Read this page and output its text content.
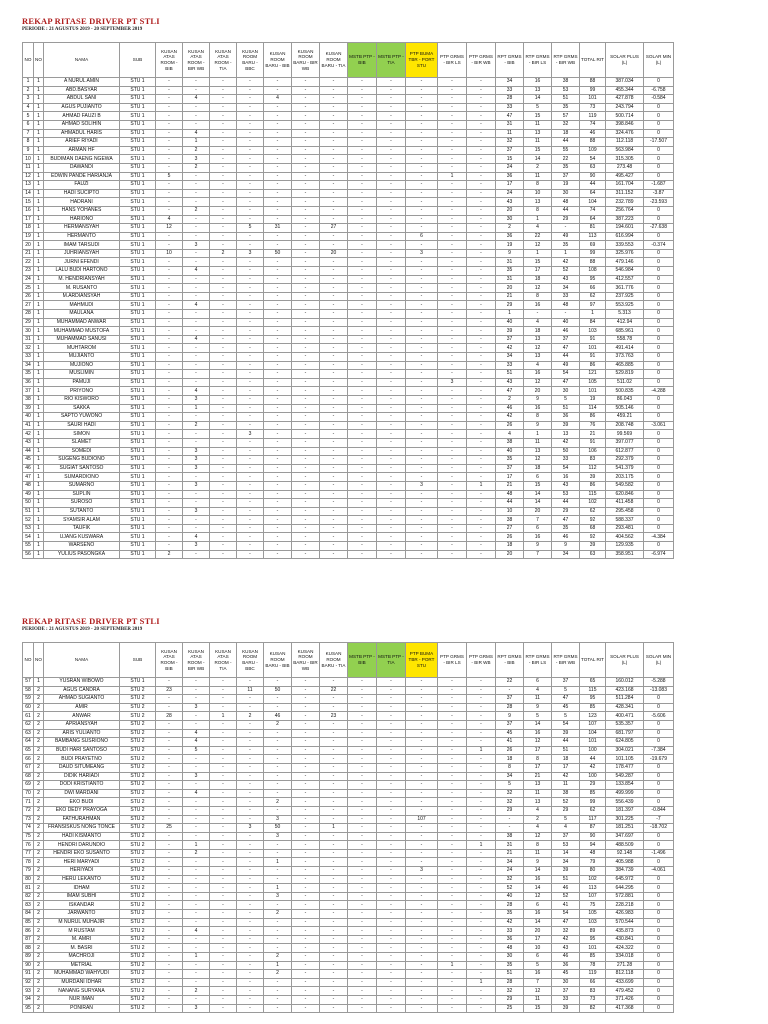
REKAP RITASE DRIVER PT STLI
PERIODE : 21 AGUSTUS 2019 - 20 SEPTEMBER 2019
NO	NO	NAMA	SUB	KUSAN ATAS ROOM - BIB	KUSAN ATAS ROOM - BIR WB	KUSAN ATAS ROOM - TIA	KUSAN ROOM BARU - BBC	KUSAN ROOM BARU - BIB	KUSAN ROOM BARU - BIR WB	KUSAN ROOM BARU - TIA	MSTB PTP - BIB	MSTB PTP - TIA	PTP BUMA TBR - PORT STU	PTP GRMS - BIR LS	PTP GRMS - BIR WB	RPT GRMS - BIB	RTP GRMS - BIR LS	RTP GRMS - BIR WB	TOTAL RIT	SOLAR PLUS (L)	SOLAR MIN (L)
1	1	A NURUL AMIN	STU 1	-	-	-	-	-	-	-	-	-	-	-	-	34	16	38	88	387.034	0
2	1	ABD.BASYAR	STU 1	-	-	-	-	-	-	-	-	-	-	-	-	33	13	53	99	455.344	-6.758
3	1	ABDUL SANI	STU 1	-	4	-	-	4	-	-	-	-	-	-	-	28	14	51	101	427.878	-0.584
4	1	AGUS PUJIANTO	STU 1	-	-	-	-	-	-	-	-	-	-	-	-	33	5	35	73	243.794	0
5	1	AHMAD FAUZI B	STU 1	-	-	-	-	-	-	-	-	-	-	-	-	47	15	57	119	500.714	0
6	1	AHMAD SOLIHIN	STU 1	-	-	-	-	-	-	-	-	-	-	-	-	31	11	32	74	398.846	0
7	1	AHMADUL HARIS	STU 1	-	4	-	-	-	-	-	-	-	-	-	-	11	13	18	46	324.476	0
8	1	ARIEF RIYADI	STU 1	-	1	-	-	-	-	-	-	-	-	-	-	32	11	44	88	112.118	-17.507
9	1	ARMAN HF	STU 1	-	2	-	-	-	-	-	-	-	-	-	-	37	15	55	109	563.984	0
10	1	BUDIMAN DAENG NGEWA	STU 1	-	3	-	-	-	-	-	-	-	-	-	-	15	14	22	54	315.305	0
11	1	DAWANDI	STU 1	-	2	-	-	-	-	-	-	-	-	-	-	24	2	35	63	273.48	0
12	1	EDWIN PANDE HARIANJA	STU 1	5	-	-	-	-	-	-	-	-	-	1	-	36	11	37	90	495.427	0
13	1	FAUZI	STU 1	-	-	-	-	-	-	-	-	-	-	-	-	17	8	19	44	161.704	-1.687
14	1	HADI SUCIPTO	STU 1	-	-	-	-	-	-	-	-	-	-	-	-	24	10	30	64	311.152	-3.87
15	1	HADRANI	STU 1	-	-	-	-	-	-	-	-	-	-	-	-	43	13	48	104	232.789	-23.593
16	1	HANS YOHANES	STU 1	-	2	-	-	-	-	-	-	-	-	-	-	20	8	44	74	256.764	0
17	1	HARIONO	STU 1	4	-	-	-	-	-	-	-	-	-	-	-	30	1	29	64	387.223	0
18	1	HERMANSYAH	STU 1	12	-	-	5	31	-	27	-	-	-	-	-	2	4	-	81	194.601	-27.638
19	1	HERMANTO	STU 1	-	-	-	-	-	-	-	-	-	6	-	-	36	22	49	113	616.994	0
20	1	IMAM TARSUDI	STU 1	-	3	-	-	-	-	-	-	-	-	-	-	19	12	35	69	339.553	-0.374
21	1	JUHRIANSYAH	STU 1	10	-	2	3	50	-	20	-	-	3	-	-	9	1	1	99	325.976	0
22	1	JURNI EFENDI	STU 1	-	-	-	-	-	-	-	-	-	-	-	-	31	15	42	88	479.146	0
23	1	LALU BUDI HARTONO	STU 1	-	4	-	-	-	-	-	-	-	-	-	-	35	17	52	108	546.984	0
24	1	M. HENDRIANSYAH	STU 1	-	-	-	-	-	-	-	-	-	-	-	-	31	18	43	95	412.557	0
25	1	M. RUSANTO	STU 1	-	-	-	-	-	-	-	-	-	-	-	-	20	12	34	66	361.776	0
26	1	M.ARDIANSYAH	STU 1	-	-	-	-	-	-	-	-	-	-	-	-	21	8	33	62	237.925	0
27	1	MAHMUDI	STU 1	-	4	-	-	-	-	-	-	-	-	-	-	29	16	48	97	553.925	0
28	1	MAULANA	STU 1	-	-	-	-	-	-	-	-	-	-	-	-	1	-	-	1	5.313	0
29	1	MUHAMMAD ANWAR	STU 1	-	-	-	-	-	-	-	-	-	-	-	-	40	4	40	84	412.94	0
30	1	MUHAMMAD MUSTOFA	STU 1	-	-	-	-	-	-	-	-	-	-	-	-	39	18	46	103	685.961	0
31	1	MUHAMMAD SANUSI	STU 1	-	4	-	-	-	-	-	-	-	-	-	-	37	13	37	91	558.78	0
32	1	MUHTAROM	STU 1	-	-	-	-	-	-	-	-	-	-	-	-	42	12	47	101	491.414	0
33	1	MUJIANTO	STU 1	-	-	-	-	-	-	-	-	-	-	-	-	34	13	44	91	373.763	0
34	1	MUJIONO	STU 1	-	-	-	-	-	-	-	-	-	-	-	-	33	4	49	86	465.885	0
35	1	MUSLIMIN	STU 1	-	-	-	-	-	-	-	-	-	-	-	-	51	16	54	121	529.819	0
36	1	PAMUJI	STU 1	-	-	-	-	-	-	-	-	-	-	3	-	43	12	47	105	511.02	0
37	1	PRIYONO	STU 1	-	4	-	-	-	-	-	-	-	-	-	-	47	20	30	101	500.835	-4.288
38	1	RIO KISWORO	STU 1	-	3	-	-	-	-	-	-	-	-	-	-	2	9	5	19	86.043	0
39	1	SAKKA	STU 1	-	1	-	-	-	-	-	-	-	-	-	-	46	16	51	114	505.146	0
40	1	SAPTO YUWONO	STU 1	-	-	-	-	-	-	-	-	-	-	-	-	42	8	36	86	459.21	0
41	1	SAURI HADI	STU 1	-	2	-	-	-	-	-	-	-	-	-	-	26	9	39	76	208.748	-3.061
42	1	SIMON	STU 1	-	-	-	3	-	-	-	-	-	-	-	-	4	1	13	21	99.569	0
43	1	SLAMET	STU 1	-	-	-	-	-	-	-	-	-	-	-	-	38	11	42	91	397.077	0
44	1	SOMEDI	STU 1	-	3	-	-	-	-	-	-	-	-	-	-	40	13	50	106	612.877	0
45	1	SUGENG BUDIONO	STU 1	-	3	-	-	-	-	-	-	-	-	-	-	35	12	33	83	292.379	0
46	1	SUGIAT SANTOSO	STU 1	-	3	-	-	-	-	-	-	-	-	-	-	37	18	54	112	541.379	0
47	1	SUMARDIONO	STU 1	-	-	-	-	-	-	-	-	-	-	-	-	17	6	16	39	203.175	0
48	1	SUMARNO	STU 1	-	3	-	-	-	-	-	-	-	3	-	1	21	15	43	86	549.582	0
49	1	SUPLIN	STU 1	-	-	-	-	-	-	-	-	-	-	-	-	48	14	53	115	620.846	0
50	1	SUROSO	STU 1	-	-	-	-	-	-	-	-	-	-	-	-	44	14	44	102	411.458	0
51	1	SUTANTO	STU 1	-	3	-	-	-	-	-	-	-	-	-	-	10	20	29	62	295.458	0
52	1	SYAMSIR ALAM	STU 1	-	-	-	-	-	-	-	-	-	-	-	-	38	7	47	92	588.337	0
53	1	TAUFIK	STU 1	-	-	-	-	-	-	-	-	-	-	-	-	27	6	35	68	293.481	0
54	1	UJANG KUSWARA	STU 1	-	4	-	-	-	-	-	-	-	-	-	-	26	16	46	92	404.562	-4.384
55	1	WARSENO	STU 1	-	3	-	-	-	-	-	-	-	-	-	-	18	9	9	39	129.935	0
56	1	YULIUS PASONGKA	STU 1	2	-	-	-	-	-	-	-	-	-	-	-	20	7	34	63	358.951	-6.974
REKAP RITASE DRIVER PT STLI
PERIODE : 21 AGUSTUS 2019 - 20 SEPTEMBER 2019
NO	NO	NAMA	SUB	KUSAN ATAS ROOM - BIB	KUSAN ATAS ROOM - BIR WB	KUSAN ATAS ROOM - TIA	KUSAN ROOM BARU - BBC	KUSAN ROOM BARU - BIB	KUSAN ROOM BARU - BIR WB	KUSAN ROOM BARU - TIA	MSTB PTP - BIB	MSTB PTP - TIA	PTP BUMA TBR - PORT STU	PTP GRMS - BIR LS	PTP GRMS - BIR WB	RPT GRMS - BIB	RTP GRMS - BIR LS	RTP GRMS - BIR WB	TOTAL RIT	SOLAR PLUS (L)	SOLAR MIN (L)
57	1	YUSRAN WIBOWO	STU 1	-	-	-	-	-	-	-	-	-	-	-	-	22	6	37	65	160.012	-5.288
58	2	AGUS CANDRA	STU 2	23	-	-	11	50	-	22	-	-	-	-	-	-	4	5	115	423.168	-13.083
59	2	AHMAD SUGIANTO	STU 2	-	-	-	-	-	-	-	-	-	-	-	-	37	11	47	95	511.284	0
60	2	AMIR	STU 2	-	3	-	-	-	-	-	-	-	-	-	-	28	9	45	85	428.341	0
61	2	ANWAR	STU 2	28	-	1	2	46	-	23	-	-	-	-	-	9	5	5	123	400.471	-5.606
62	2	APRIANSYAH	STU 2	-	-	-	-	2	-	-	-	-	-	-	-	37	14	54	107	535.357	0
63	2	ARIS YULIANTO	STU 2	-	4	-	-	-	-	-	-	-	-	-	-	45	16	39	104	681.797	0
64	2	BAMBANG SUSRIONO	STU 2	-	4	-	-	-	-	-	-	-	-	-	-	41	12	44	101	624.805	0
65	2	BUDI HARI SANTOSO	STU 2	-	5	-	-	-	-	-	-	-	-	-	1	26	17	51	100	304.021	-7.384
66	2	BUDI PRAYETNO	STU 2	-	-	-	-	-	-	-	-	-	-	-	-	18	8	18	44	101.105	-19.679
67	2	DAUD SITUMEANG	STU 2	-	-	-	-	-	-	-	-	-	-	-	-	8	17	17	42	178.477	0
68	2	DIDIK HARIADI	STU 2	-	3	-	-	-	-	-	-	-	-	-	-	34	21	42	100	549.287	0
69	2	DODI KRISTIANTO	STU 2	-	-	-	-	-	-	-	-	-	-	-	-	5	13	11	29	133.854	0
70	2	DWI MARDANI	STU 2	-	4	-	-	-	-	-	-	-	-	-	-	32	11	38	85	499.999	0
71	2	EKO BUDI	STU 2	-	-	-	-	2	-	-	-	-	-	-	-	32	13	52	99	556.439	0
72	2	EKO DEDY PRAYOGA	STU 2	-	-	-	-	-	-	-	-	-	-	-	-	29	4	29	62	181.397	-0.844
73	2	FATHURAHMAN	STU 2	-	-	-	-	3	-	-	-	-	107	-	-	-	2	5	117	301.225	-7
74	2	FRANSISKUS NONG TONCE	STU 2	25	-	-	3	50	-	1	-	-	-	-	-	-	4	4	87	181.251	-18.702
75	2	HADI KISMANTO	STU 2	-	-	-	-	3	-	-	-	-	-	-	-	38	12	37	90	347.697	0
76	2	HENDRI DARUNDIO	STU 2	-	1	-	-	-	-	-	-	-	-	-	1	31	8	53	94	488.509	0
77	2	HENDRI EKO SUSANTO	STU 2	-	2	-	-	-	-	-	-	-	-	-	-	21	11	14	48	92.148	-1.496
78	2	HERI MARYADI	STU 2	-	-	-	-	1	-	-	-	-	-	-	-	34	9	34	79	405.988	0
79	2	HERIYADI	STU 2	-	-	-	-	-	-	-	-	-	3	-	-	24	14	39	80	384.739	-4.061
80	2	HERU LEKANTO	STU 2	-	-	-	-	-	-	-	-	-	-	-	-	32	16	51	102	645.972	0
81	2	IDHAM	STU 2	-	-	-	-	1	-	-	-	-	-	-	-	52	14	46	113	644.295	0
82	2	IMAM SUBHI	STU 2	-	-	-	-	3	-	-	-	-	-	-	-	40	12	52	107	572.881	0
83	2	ISKANDAR	STU 2	-	-	-	-	-	-	-	-	-	-	-	-	28	6	41	75	228.218	0
84	2	JARWANTO	STU 2	-	-	-	-	2	-	-	-	-	-	-	-	35	16	54	105	426.983	0
85	2	M NURUL MUHAJIR	STU 2	-	-	-	-	-	-	-	-	-	-	-	-	42	14	47	103	570.544	0
86	2	M RUSTAM	STU 2	-	4	-	-	-	-	-	-	-	-	-	-	33	20	32	89	435.873	0
87	2	M. AMRI	STU 2	-	-	-	-	-	-	-	-	-	-	-	-	36	17	42	95	430.841	0
88	2	M. BASRI	STU 2	-	-	-	-	-	-	-	-	-	-	-	-	48	10	43	101	424.322	0
89	2	MACHROJI	STU 2	-	1	-	-	2	-	-	-	-	-	-	-	30	6	46	85	334.018	0
90	2	METRIAL	STU 2	-	-	-	-	1	-	-	-	-	-	1	-	35	5	36	78	271.28	0
91	2	MUHAMMAD WAHYUDI	STU 2	-	-	-	-	2	-	-	-	-	-	-	-	51	16	45	119	812.118	0
92	2	MURDANI IDHAR	STU 2	-	-	-	-	-	-	-	-	-	-	-	1	28	7	30	66	433.699	0
93	2	NANANG SURYANA	STU 2	-	2	-	-	-	-	-	-	-	-	-	-	32	12	37	83	479.452	0
94	2	NUR IMAN	STU 2	-	-	-	-	-	-	-	-	-	-	-	-	29	11	33	73	371.426	0
95	2	PONIRAN	STU 2	-	3	-	-	-	-	-	-	-	-	-	-	25	15	39	82	417.368	0
